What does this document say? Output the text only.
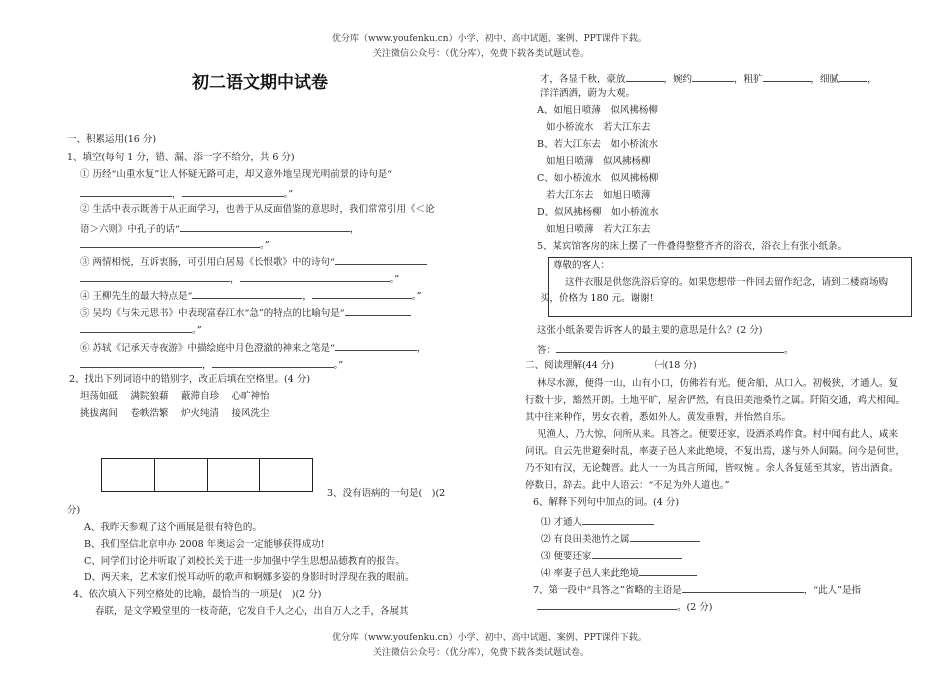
优分库（www.youfenku.cn）小学、初中、高中试题、案例、PPT课件下载。
关注微信公众号：（优分库），免费下载各类试题试卷。
初二语文期中试卷
一、积累运用(16 分)
1、填空(每句 1 分，错、漏、添一字不给分，共 6 分)
① 历经“山重水复”让人怀疑无路可走，却又意外地呈现光明前景的诗句是“
，	。”
② 生活中表示既善于从正面学习，也善于从反面借鉴的意思时，我们常常引用《＜论
语＞六则》中孔子的话“	，
。”
③ 两情相悦，互诉衷肠，可引用白居易《长恨歌》中的诗句“
，	。”
④ 王柳先生的最大特点是“	，	。”
⑤ 吴均《与朱元思书》中表现富春江水“急”的特点的比喻句是“
。”
⑥ 苏轼《记承天寺夜游》中描绘庭中月色澄澈的神来之笔是“	，
，	。”
2、找出下列词语中的错别字，改正后填在空格里。(4 分)
坦荡如砥　 满院狼藉　 蔽滞自珍　 心旷神怡
挑拔离间　 卷帙浩繁　 炉火纯清　 接风洗尘
3、没有语病的一句是(　)(2
分)
A、我昨天参观了这个画展是很有特色的。
B、我们坚信北京申办 2008 年奥运会一定能够获得成功!
C、同学们讨论并听取了刘校长关于进一步加强中学生思想品德教育的报告。
D、两天来，艺术家们悦耳动听的歌声和婀娜多姿的身影时时浮现在我的眼前。
4、依次填入下列空格处的比喻，最恰当的一项是(　)(2 分)
春联，是文学殿堂里的一枝奇葩，它发自千人之心，出自万人之手，各展其
才，各显千秋，豪放	，婉约	，粗犷	，细腻	，
洋洋洒洒，蔚为大观。
A、如旭日喷薄　似风拂杨柳
如小桥流水　若大江东去
B、若大江东去　如小桥流水
如旭日喷薄　似风拂杨柳
C、如小桥流水　似风拂杨柳
若大江东去　如旭日喷薄
D、似风拂杨柳　如小桥流水
如旭日喷薄　若大江东去
5、某宾馆客房的床上摆了一件叠得整整齐齐的浴衣，浴衣上有张小纸条。
尊敬的客人：
这件衣服是供您洗浴后穿的。如果您想带一件回去留作纪念，请到二楼商场购
买，价格为 180 元。谢谢!
这张小纸条要告诉客人的最主要的意思是什么？(2 分)
答：	。
二、阅读理解(44 分)	㈠(18 分)
林尽水源，便得一山，山有小口，仿佛若有光。便舍船，从口入。初极狭，才通人。复
行数十步，豁然开朗。土地平旷，屋舍俨然，有良田美池桑竹之属。阡陌交通，鸡犬相闻。
其中往来种作，男女衣着，悉如外人。黄发垂髫，并怡然自乐。
见渔人，乃大惊，问所从来。具答之。便要还家，设酒杀鸡作食。村中闻有此人，咸来
问讯。自云先世避秦时乱，率妻子邑人来此绝境，不复出焉，遂与外人间隔。问今是何世，
乃不知有汉，无论魏晋。此人一一为具言所闻，皆叹惋 。余人各复延至其家，皆出酒食。
停数日，辞去。此中人语云：“不足为外人道也。”
6、解释下列句中加点的词。(4 分)
⑴ 才通人
⑵ 有良田美池竹之属
⑶ 便要还家
⑷ 率妻子邑人来此绝境
7、第一段中“具答之”省略的主语是	，“此人”是指
。(2 分)
优分库（www.youfenku.cn）小学、初中、高中试题、案例、PPT课件下载。
关注微信公众号：（优分库），免费下载各类试题试卷。
